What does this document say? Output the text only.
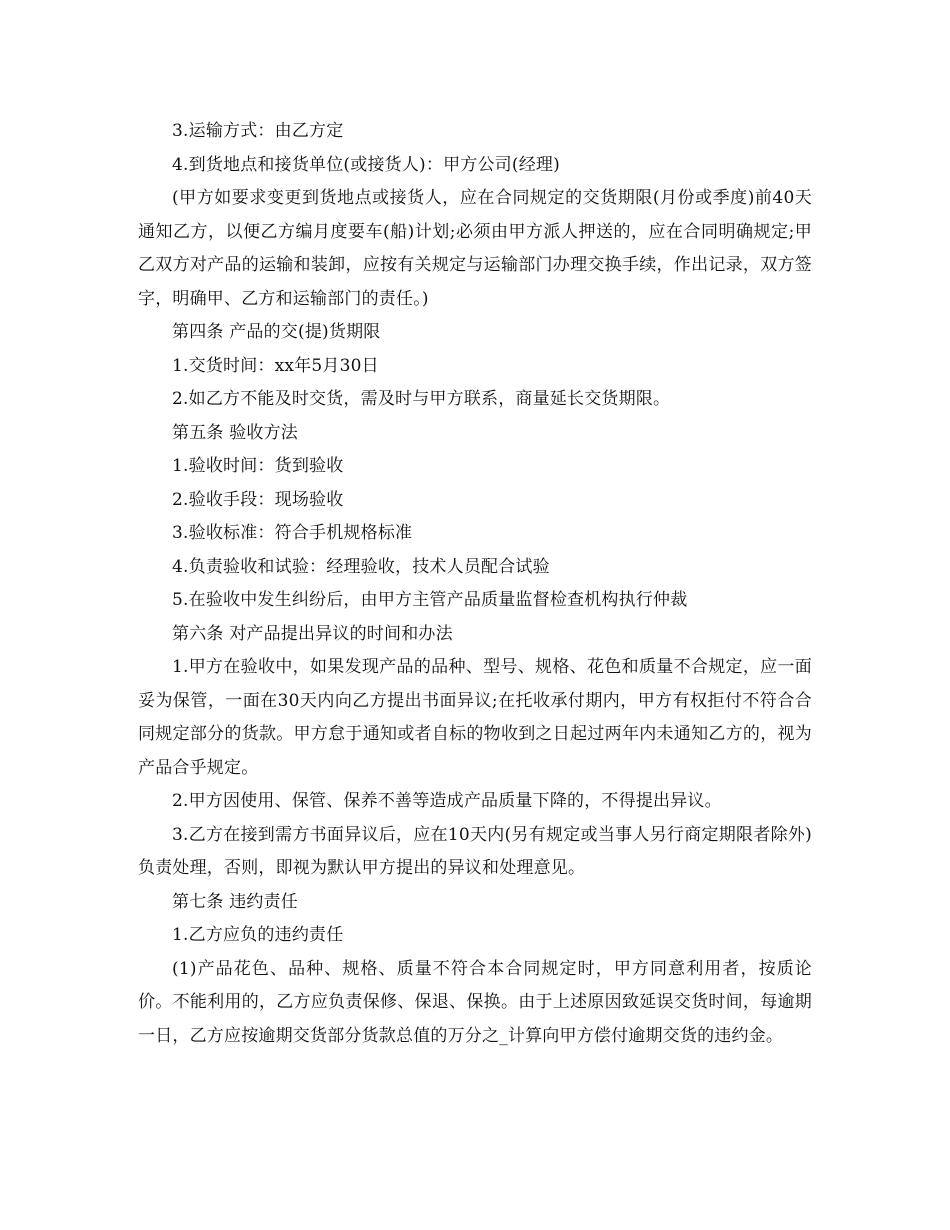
3.运输方式：由乙方定

4.到货地点和接货单位(或接货人)：甲方公司(经理)

(甲方如要求变更到货地点或接货人，应在合同规定的交货期限(月份或季度)前40天通知乙方，以便乙方编月度要车(船)计划;必须由甲方派人押送的，应在合同明确规定;甲乙双方对产品的运输和装卸，应按有关规定与运输部门办理交换手续，作出记录，双方签字，明确甲、乙方和运输部门的责任。)

第四条 产品的交(提)货期限

1.交货时间：xx年5月30日

2.如乙方不能及时交货，需及时与甲方联系，商量延长交货期限。

第五条 验收方法

1.验收时间：货到验收

2.验收手段：现场验收

3.验收标准：符合手机规格标准

4.负责验收和试验：经理验收，技术人员配合试验

5.在验收中发生纠纷后，由甲方主管产品质量监督检查机构执行仲裁

第六条 对产品提出异议的时间和办法

1.甲方在验收中，如果发现产品的品种、型号、规格、花色和质量不合规定，应一面妥为保管，一面在30天内向乙方提出书面异议;在托收承付期内，甲方有权拒付不符合合同规定部分的货款。甲方怠于通知或者自标的物收到之日起过两年内未通知乙方的，视为产品合乎规定。

2.甲方因使用、保管、保养不善等造成产品质量下降的，不得提出异议。

3.乙方在接到需方书面异议后，应在10天内(另有规定或当事人另行商定期限者除外)负责处理，否则，即视为默认甲方提出的异议和处理意见。

第七条 违约责任

1.乙方应负的违约责任

(1)产品花色、品种、规格、质量不符合本合同规定时，甲方同意利用者，按质论价。不能利用的，乙方应负责保修、保退、保换。由于上述原因致延误交货时间，每逾期一日，乙方应按逾期交货部分货款总值的万分之_计算向甲方偿付逾期交货的违约金。
